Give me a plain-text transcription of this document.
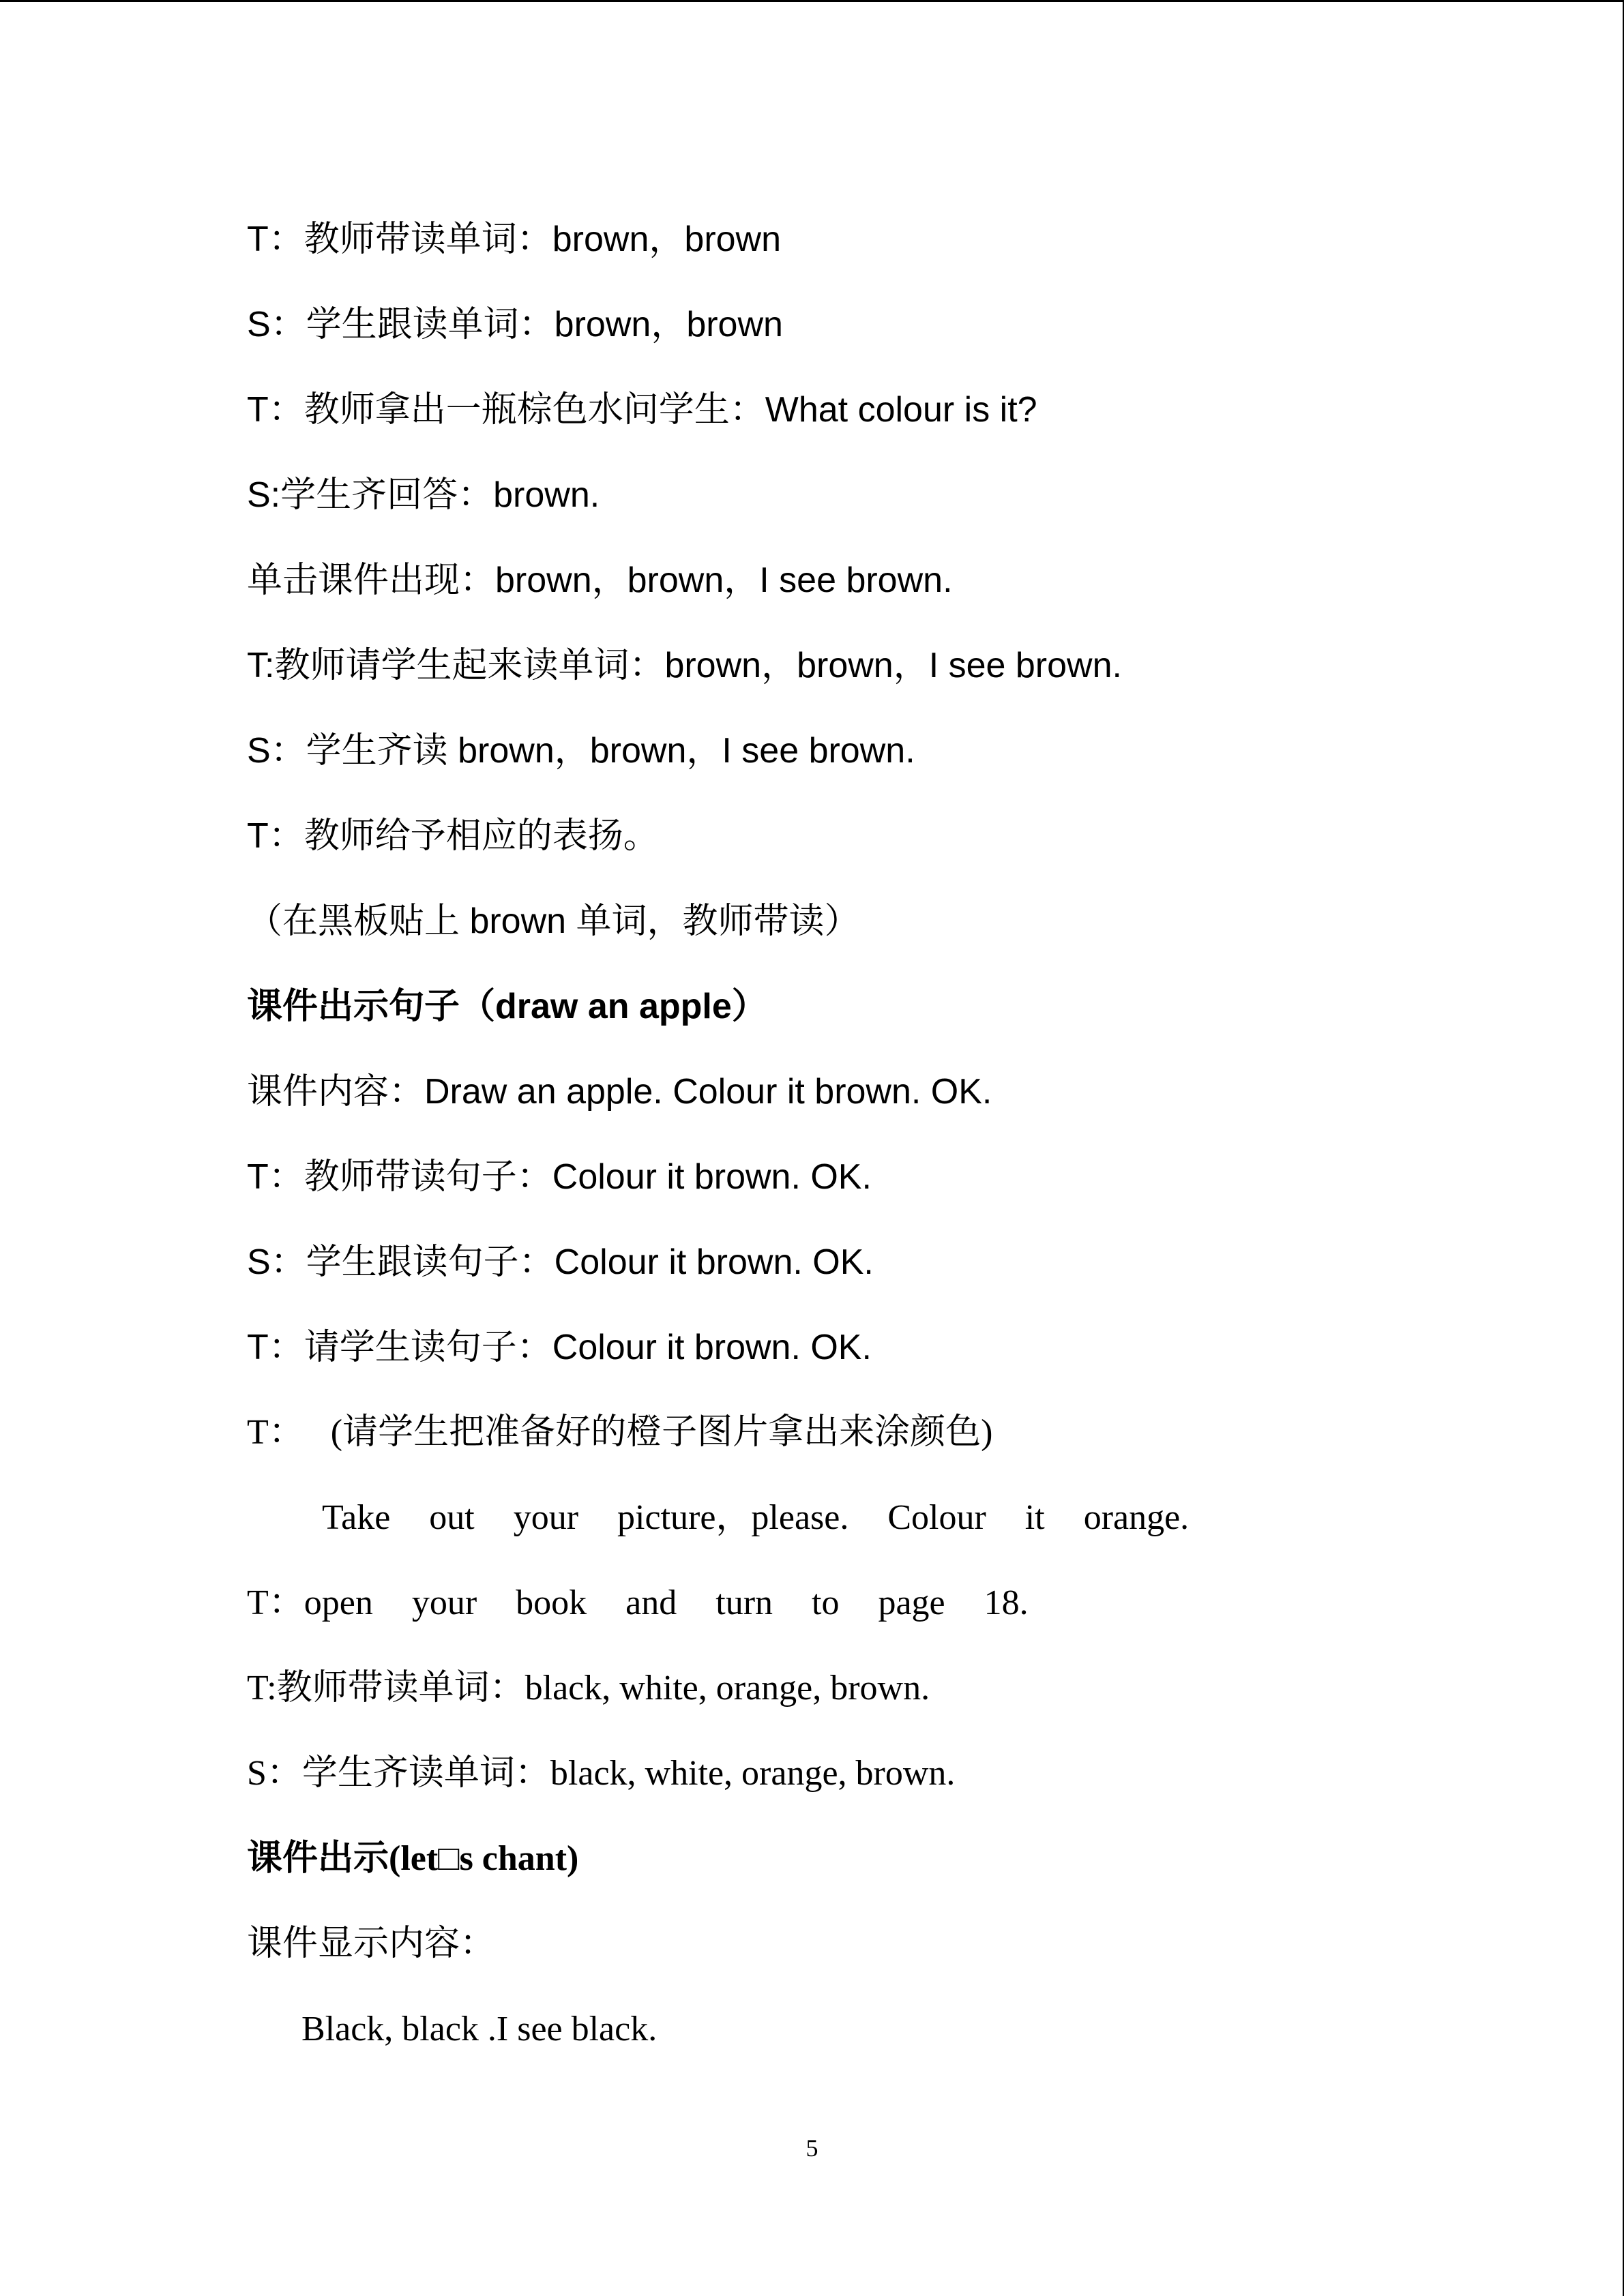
T：教师带读单词：brown，brown

S：学生跟读单词：brown，brown

T：教师拿出一瓶棕色水问学生：What colour is it?

S:学生齐回答：brown.

单击课件出现：brown，brown，I see brown.

T:教师请学生起来读单词：brown，brown，I see brown.

S：学生齐读 brown，brown，I see brown.

T：教师给予相应的表扬。

（在黑板贴上 brown 单词，教师带读）

课件出示句子（draw an apple）

课件内容：Draw an apple. Colour it brown. OK.

T：教师带读句子：Colour it brown. OK.

S：学生跟读句子：Colour it brown. OK.

T：请学生读句子：Colour it brown. OK.

T：   (请学生把准备好的橙子图片拿出来涂颜色)

Take out your picture，please. Colour it orange.

T：open your book and turn to page 18.

T:教师带读单词：black, white, orange, brown.

S：学生齐读单词：black, white, orange, brown.

课件出示(let□s chant)

课件显示内容：

Black, black .I see black.

5
